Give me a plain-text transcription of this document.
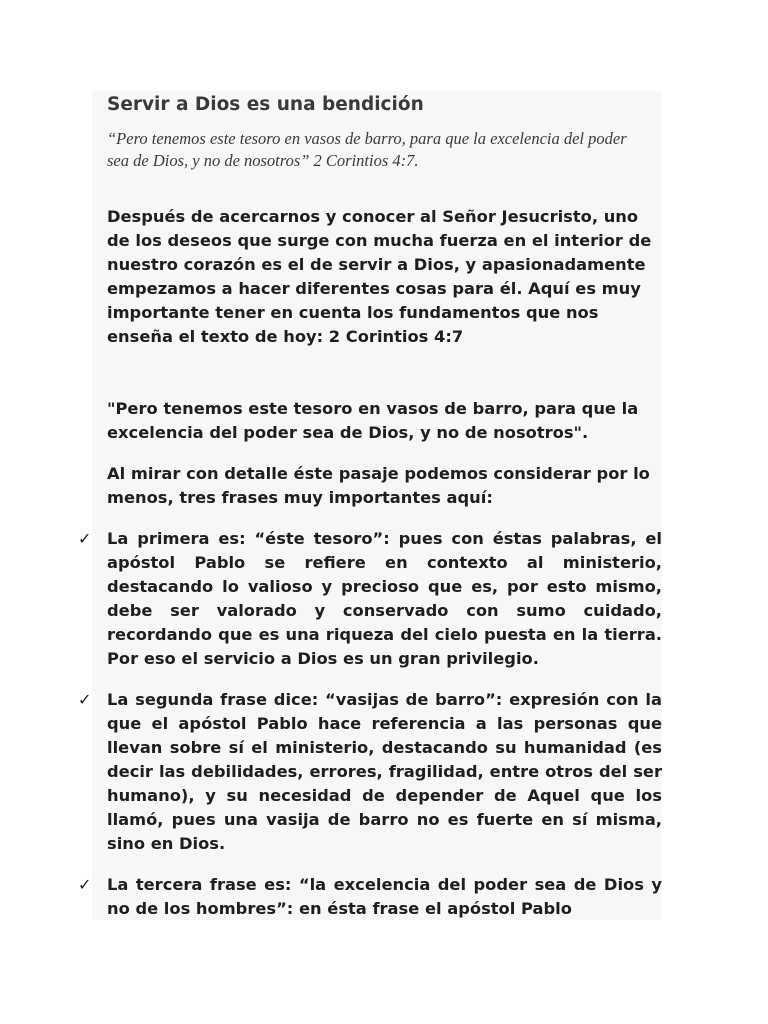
Servir a Dios es una bendición
“Pero tenemos este tesoro en vasos de barro, para que la excelencia del poder sea de Dios, y no de nosotros” 2 Corintios 4:7.
Después de acercarnos y conocer al Señor Jesucristo, uno de los deseos que surge con mucha fuerza en el interior de nuestro corazón es el de servir a Dios, y apasionadamente empezamos a hacer diferentes cosas para él. Aquí es muy importante tener en cuenta los fundamentos que nos enseña el texto de hoy: 2 Corintios 4:7
"Pero tenemos este tesoro en vasos de barro, para que la excelencia del poder sea de Dios, y no de nosotros".
Al mirar con detalle éste pasaje podemos considerar por lo menos, tres frases muy importantes aquí:
✓ La primera es: “éste tesoro”: pues con éstas palabras, el apóstol Pablo se refiere en contexto al ministerio, destacando lo valioso y precioso que es, por esto mismo, debe ser valorado y conservado con sumo cuidado, recordando que es una riqueza del cielo puesta en la tierra. Por eso el servicio a Dios es un gran privilegio.
✓ La segunda frase dice: “vasijas de barro”: expresión con la que el apóstol Pablo hace referencia a las personas que llevan sobre sí el ministerio, destacando su humanidad (es decir las debilidades, errores, fragilidad, entre otros del ser humano), y su necesidad de depender de Aquel que los llamó, pues una vasija de barro no es fuerte en sí misma, sino en Dios.
✓ La tercera frase es: “la excelencia del poder sea de Dios y no de los hombres”: en ésta frase el apóstol Pablo
